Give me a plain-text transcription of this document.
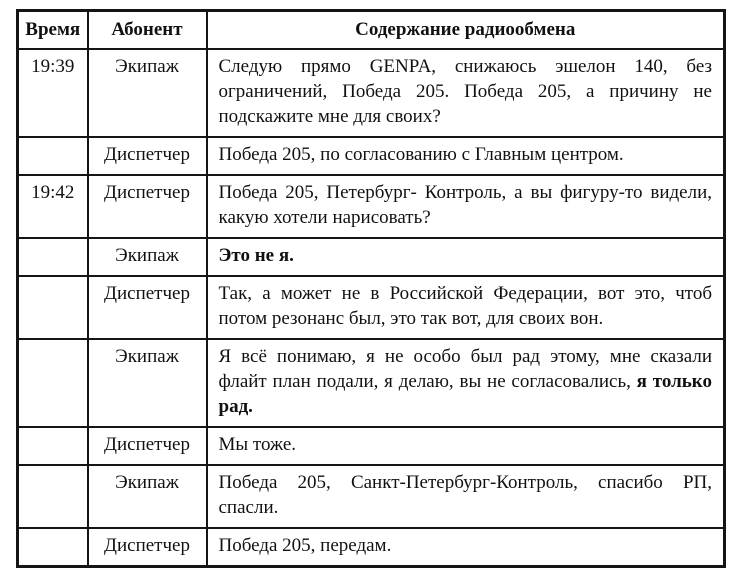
Время	Абонент	Содержание радиообмена
19:39	Экипаж	Следую прямо GENPA, снижаюсь эшелон 140, без ограничений, Победа 205. Победа 205, а причину не подскажите мне для своих?
	Диспетчер	Победа 205, по согласованию с Главным центром.
19:42	Диспетчер	Победа 205, Петербург- Контроль, а вы фигуру-то видели, какую хотели нарисовать?
	Экипаж	Это не я.
	Диспетчер	Так, а может не в Российской Федерации, вот это, чтоб потом резонанс был, это так вот, для своих вон.
	Экипаж	Я всё понимаю, я не особо был рад этому, мне сказали флайт план подали, я делаю, вы не согласовались, я только рад.
	Диспетчер	Мы тоже.
	Экипаж	Победа 205, Санкт-Петербург-Контроль, спасибо РП, спасли.
	Диспетчер	Победа 205, передам.
